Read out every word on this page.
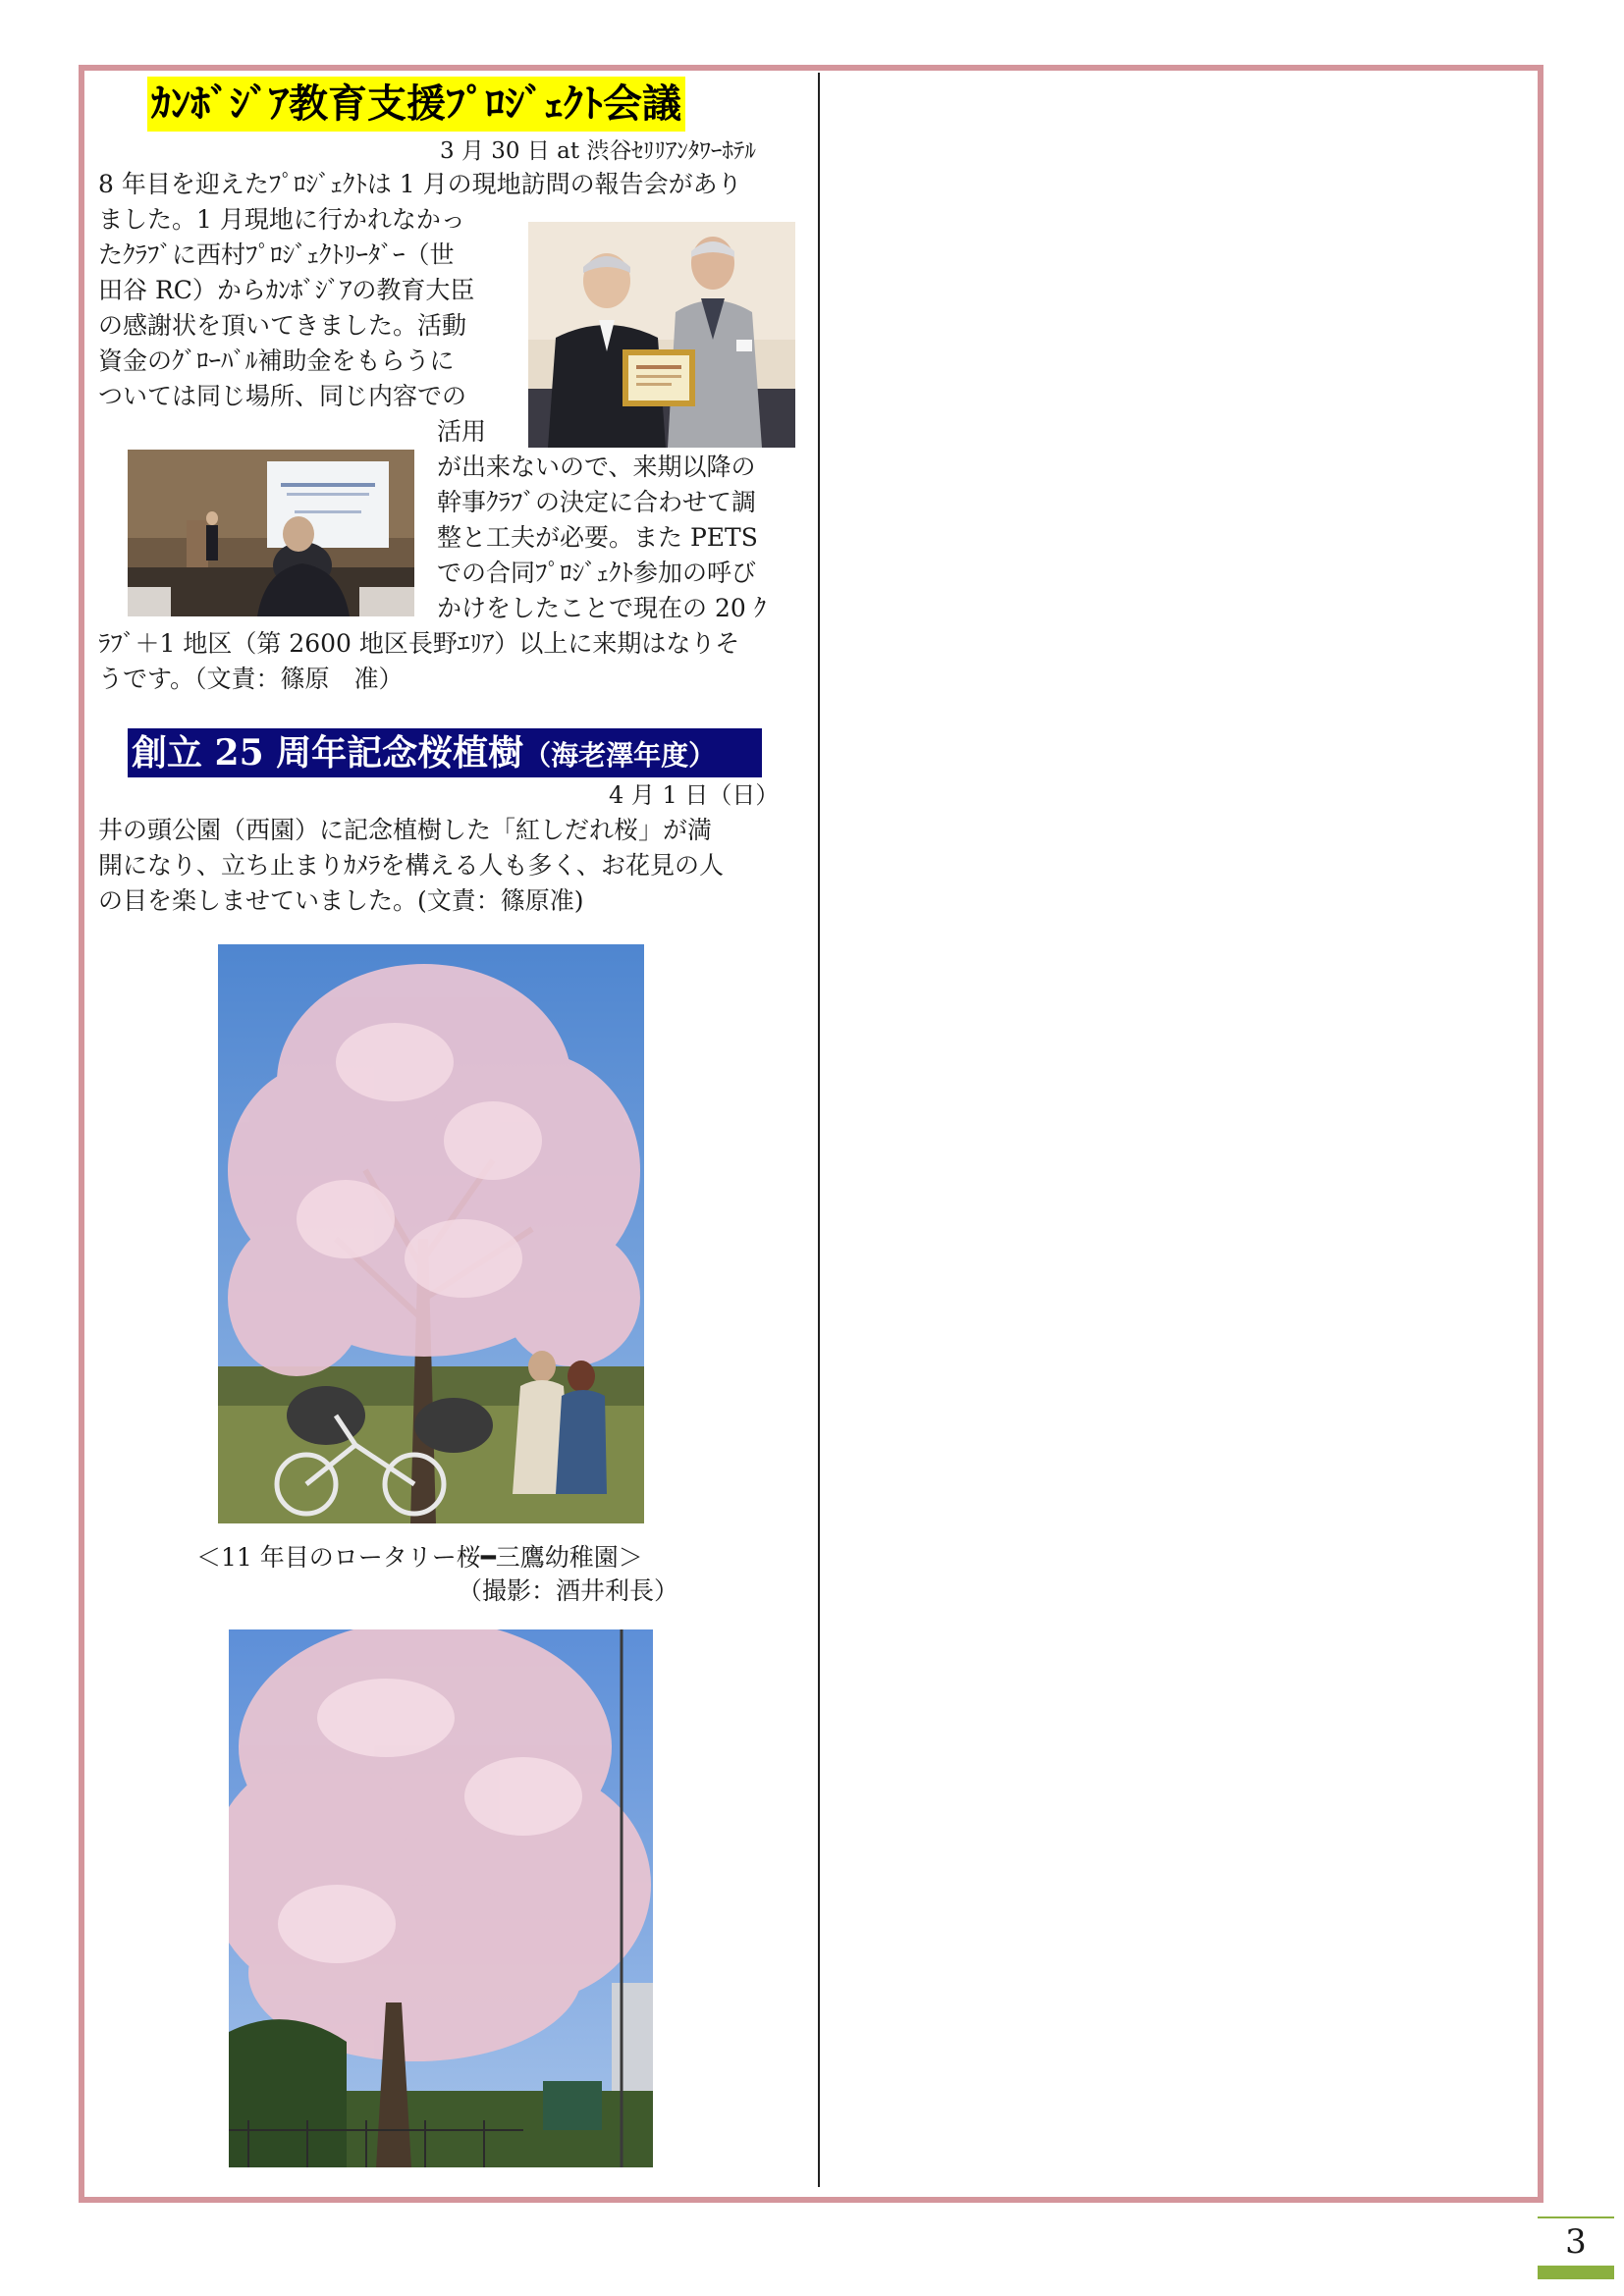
ｶﾝﾎﾞｼﾞｱ教育支援ﾌﾟﾛｼﾞｪｸﾄ会議
3 月 30 日 at 渋谷ｾﾘﾘｱﾝﾀﾜｰﾎﾃﾙ
8 年目を迎えたﾌﾟﾛｼﾞｪｸﾄは 1 月の現地訪問の報告会があり
ました。1 月現地に行かれなかっ
たｸﾗﾌﾞに西村ﾌﾟﾛｼﾞｪｸﾄﾘｰﾀﾞｰ（世
田谷 RC）からｶﾝﾎﾞｼﾞｱの教育大臣
の感謝状を頂いてきました。活動
資金のｸﾞﾛｰﾊﾞﾙ補助金をもらうに
ついては同じ場所、同じ内容での
活用
が出来ないので、来期以降の
幹事ｸﾗﾌﾞの決定に合わせて調
整と工夫が必要。また PETS
での合同ﾌﾟﾛｼﾞｪｸﾄ参加の呼び
かけをしたことで現在の 20 ｸ
ﾗﾌﾞ＋1 地区（第 2600 地区長野ｴﾘｱ）以上に来期はなりそ
うです。（文責：篠原　准）
創立 25 周年記念桜植樹（海老澤年度）
4 月 1 日（日）
井の頭公園（西園）に記念植樹した「紅しだれ桜」が満
開になり、立ち止まりｶﾒﾗを構える人も多く、お花見の人
の目を楽しませていました。(文責：篠原准)
＜11 年目のロータリー桜━三鷹幼稚園＞
（撮影：酒井利長）
3
